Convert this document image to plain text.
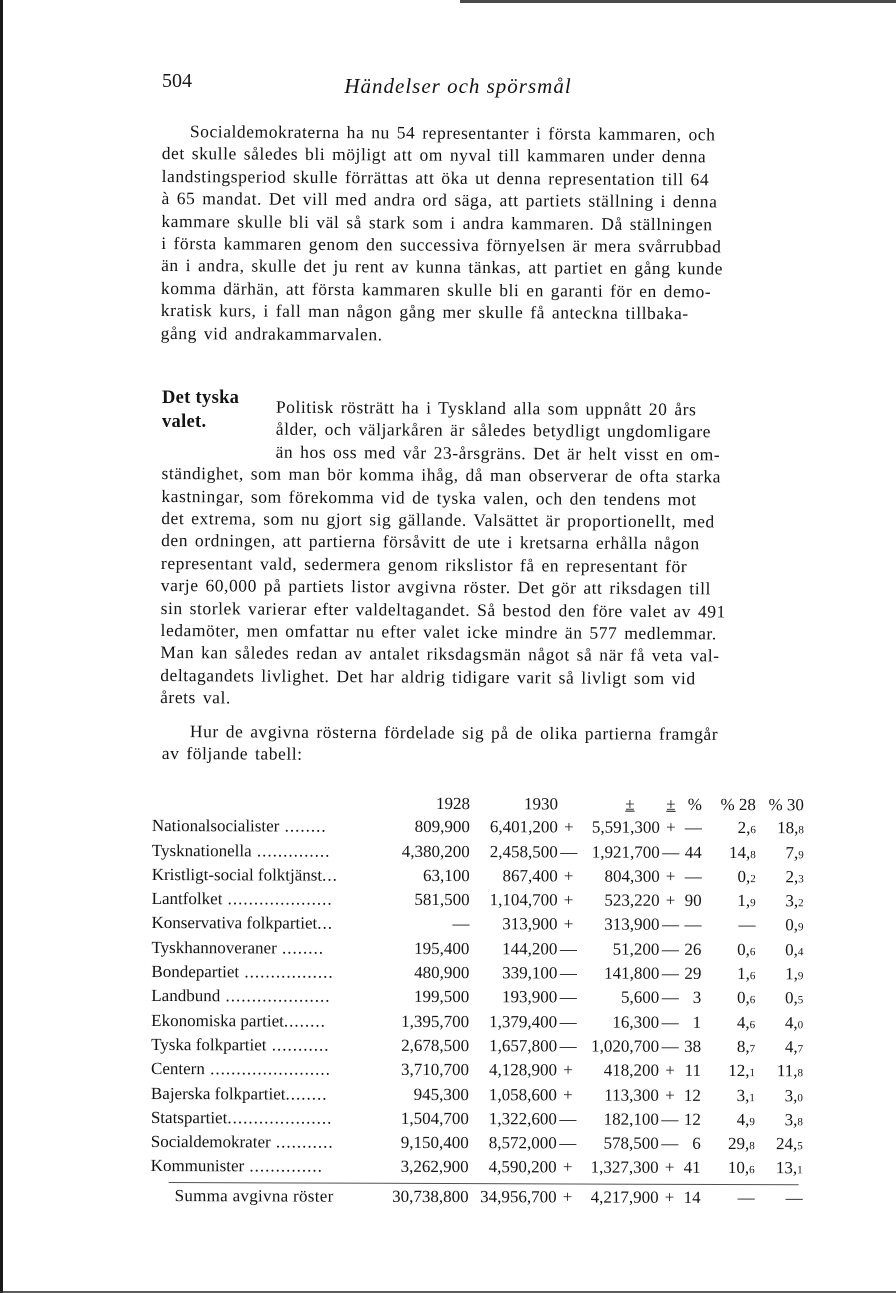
504	Händelser och spörsmål
Socialdemokraterna ha nu 54 representanter i första kammaren, och
det skulle således bli möjligt att om nyval till kammaren under denna
landstingsperiod skulle förrättas att öka ut denna representation till 64
à 65 mandat. Det vill med andra ord säga, att partiets ställning i denna
kammare skulle bli väl så stark som i andra kammaren. Då ställningen
i första kammaren genom den successiva förnyelsen är mera svårrubbad
än i andra, skulle det ju rent av kunna tänkas, att partiet en gång kunde
komma därhän, att första kammaren skulle bli en garanti för en demo-
kratisk kurs, i fall man någon gång mer skulle få anteckna tillbaka-
gång vid andrakammarvalen.
Det tyska
valet.
Politisk rösträtt ha i Tyskland alla som uppnått 20 års
ålder, och väljarkåren är således betydligt ungdomligare
än hos oss med vår 23-årsgräns. Det är helt visst en om-
ständighet, som man bör komma ihåg, då man observerar de ofta starka
kastningar, som förekomma vid de tyska valen, och den tendens mot
det extrema, som nu gjort sig gällande. Valsättet är proportionellt, med
den ordningen, att partierna försåvitt de ute i kretsarna erhålla någon
representant vald, sedermera genom rikslistor få en representant för
varje 60,000 på partiets listor avgivna röster. Det gör att riksdagen till
sin storlek varierar efter valdeltagandet. Så bestod den före valet av 491
ledamöter, men omfattar nu efter valet icke mindre än 577 medlemmar.
Man kan således redan av antalet riksdagsmän något så när få veta val-
deltagandets livlighet. Det har aldrig tidigare varit så livligt som vid
årets val.
Hur de avgivna rösterna fördelade sig på de olika partierna framgår
av följande tabell:
1928	1930	±	± %	% 28 % 30
Nationalsocialister ........	809,900	6,401,200 +	5,591,300 + —	2,6	18,8
Tysknationella ..............	4,380,200	2,458,500 — 1,921,700 — 44	14,8	7,9
Kristligt-social folktjänst...	63,100	867,400 +	804,300 + —	0,2	2,3
Lantfolket ....................	581,500	1,104,700 +	523,220 + 90	1,9	3,2
Konservativa folkpartiet...	—	313,900 +	313,900 — —	—	0,9
Tyskhannoveraner ........	195,400	144,200 —	51,200 — 26	0,6	0,4
Bondepartiet .................	480,900	339,100 —	141,800 — 29	1,6	1,9
Landbund ....................	199,500	193,900 —	5,600 — 3	0,6	0,5
Ekonomiska partiet........	1,395,700	1,379,400 —	16,300 — 1	4,6	4,0
Tyska folkpartiet ...........	2,678,500	1,657,800 — 1,020,700 — 38	8,7	4,7
Centern .......................	3,710,700	4,128,900 +	418,200 + 11	12,1	11,8
Bajerska folkpartiet........	945,300	1,058,600 +	113,300 + 12	3,1	3,0
Statspartiet....................	1,504,700	1,322,600 —	182,100 — 12	4,9	3,8
Socialdemokrater ...........	9,150,400	8,572,000 —	578,500 — 6	29,8	24,5
Kommunister ..............	3,262,900	4,590,200 +	1,327,300 + 41	10,6	13,1
Summa avgivna röster	30,738,800 34,956,700 +	4,217,900 + 14	—	—
